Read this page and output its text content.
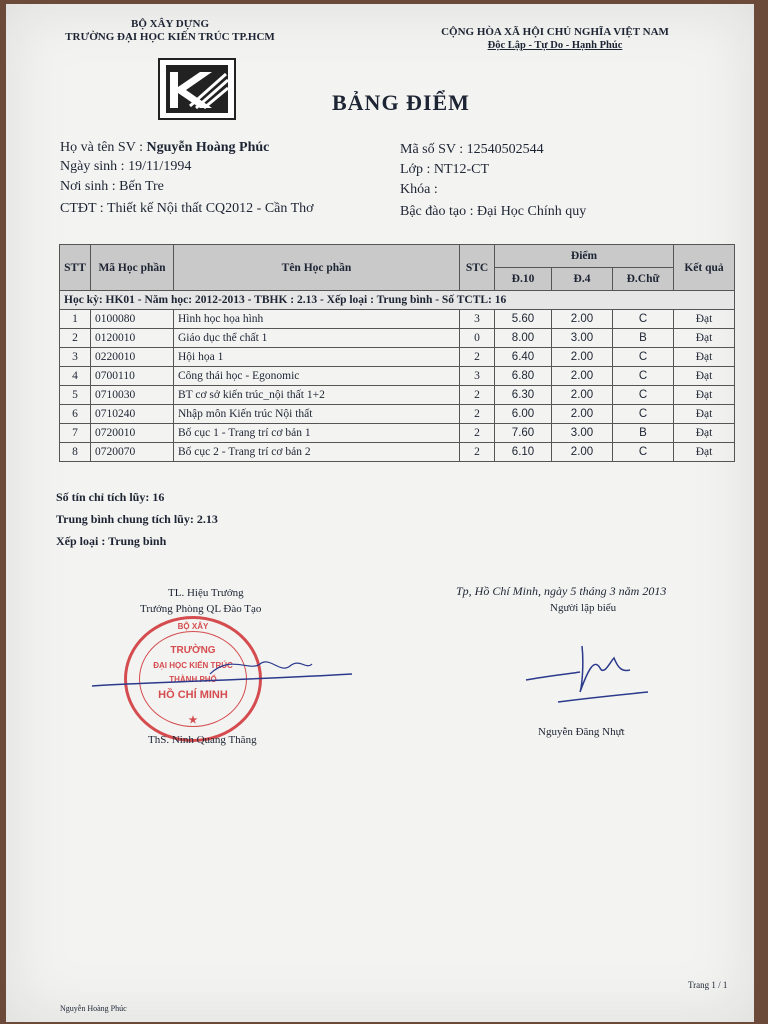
BỘ XÂY DỰNG
TRƯỜNG ĐẠI HỌC KIẾN TRÚC TP.HCM	CỘNG HÒA XÃ HỘI CHỦ NGHĨA VIỆT NAM
Độc Lập - Tự Do - Hạnh Phúc
BẢNG ĐIỂM
Họ và tên SV : Nguyễn Hoàng Phúc
Ngày sinh : 19/11/1994
Nơi sinh : Bến Tre
CTĐT : Thiết kế Nội thất CQ2012 - Cần Thơ
Mã số SV : 12540502544
Lớp : NT12-CT
Khóa :
Bậc đào tạo : Đại Học Chính quy
STT	Mã Học phần	Tên Học phần	STC	Điểm			Kết quả
				Đ.10	Đ.4	Đ.Chữ	
Học kỳ: HK01 - Năm học: 2012-2013 - TBHK : 2.13 - Xếp loại : Trung bình - Số TCTL: 16							
1	0100080	Hình học họa hình	3	5.60	2.00	C	Đạt
2	0120010	Giáo dục thể chất 1	0	8.00	3.00	B	Đạt
3	0220010	Hội họa 1	2	6.40	2.00	C	Đạt
4	0700110	Công thái học - Egonomic	3	6.80	2.00	C	Đạt
5	0710030	BT cơ sở kiến trúc_nội thất 1+2	2	6.30	2.00	C	Đạt
6	0710240	Nhập môn Kiến trúc Nội thất	2	6.00	2.00	C	Đạt
7	0720010	Bố cục 1 - Trang trí cơ bản 1	2	7.60	3.00	B	Đạt
8	0720070	Bố cục 2 - Trang trí cơ bản 2	2	6.10	2.00	C	Đạt
Số tín chỉ tích lũy: 16
Trung bình chung tích lũy: 2.13
Xếp loại : Trung bình
TL. Hiệu Trưởng
Trưởng Phòng QL Đào Tạo
BỘ XÂY
TRƯỜNG
ĐẠI HỌC KIẾN TRÚC
THÀNH PHỐ
HỒ CHÍ MINH
★
ThS. Ninh Quang Thăng
Tp, Hồ Chí Minh, ngày 5 tháng 3 năm 2013
Người lập biểu
Nguyễn Đăng Nhựt
Trang 1 / 1
Nguyễn Hoàng Phúc
